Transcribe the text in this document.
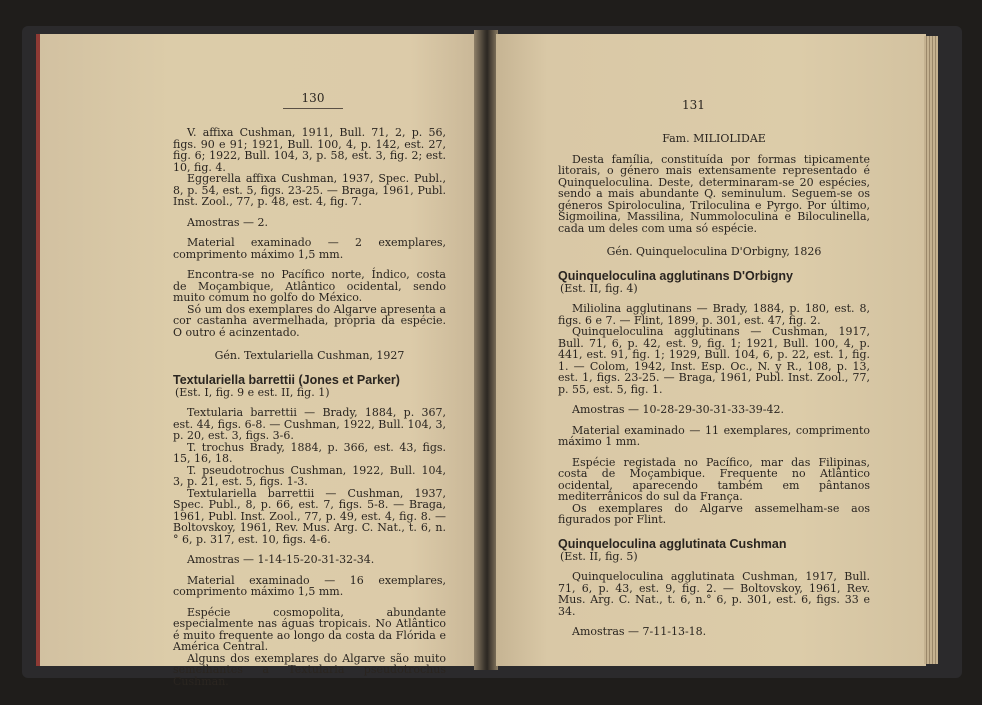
130

V. affixa Cushman, 1911, Bull. 71, 2, p. 56, figs. 90 e 91; 1921, Bull. 100, 4, p. 142, est. 27, fig. 6; 1922, Bull. 104, 3, p. 58, est. 3, fig. 2; est. 10, fig. 4.

Eggerella affixa Cushman, 1937, Spec. Publ., 8, p. 54, est. 5, figs. 23-25. — Braga, 1961, Publ. Inst. Zool., 77, p. 48, est. 4, fig. 7.

Amostras — 2.

Material examinado — 2 exemplares, comprimento máximo 1,5 mm.

Encontra-se no Pacífico norte, Índico, costa de Moçambique, Atlântico ocidental, sendo muito comum no golfo do México.

Só um dos exemplares do Algarve apresenta a cor castanha avermelhada, própria da espécie. O outro é acinzentado.

Gén. Textulariella Cushman, 1927

Textulariella barrettii (Jones et Parker)

(Est. I, fig. 9 e est. II, fig. 1)

Textularia barrettii — Brady, 1884, p. 367, est. 44, figs. 6-8. — Cushman, 1922, Bull. 104, 3, p. 20, est. 3, figs. 3-6.

T. trochus Brady, 1884, p. 366, est. 43, figs. 15, 16, 18.

T. pseudotrochus Cushman, 1922, Bull. 104, 3, p. 21, est. 5, figs. 1-3.

Textulariella barrettii — Cushman, 1937, Spec. Publ., 8, p. 66, est. 7, figs. 5-8. — Braga, 1961, Publ. Inst. Zool., 77, p. 49, est. 4, fig. 8. — Boltovskoy, 1961, Rev. Mus. Arg. C. Nat., t. 6, n.° 6, p. 317, est. 10, figs. 4-6.

Amostras — 1-14-15-20-31-32-34.

Material examinado — 16 exemplares, comprimento máximo 1,5 mm.

Espécie cosmopolita, abundante especialmente nas águas tropicais. No Atlântico é muito frequente ao longo da costa da Flórida e América Central.

Alguns dos exemplares do Algarve são muito semelhantes a Textularia pseudotrochus Cushman.

131

Fam. MILIOLIDAE

Desta família, constituída por formas tipicamente litorais, o género mais extensamente representado é Quinqueloculina. Deste, determinaram-se 20 espécies, sendo a mais abundante Q. seminulum. Seguem-se os géneros Spiroloculina, Triloculina e Pyrgo. Por último, Sigmoilina, Massilina, Nummoloculina e Biloculinella, cada um deles com uma só espécie.

Gén. Quinqueloculina D'Orbigny, 1826

Quinqueloculina agglutinans D'Orbigny

(Est. II, fig. 4)

Miliolina agglutinans — Brady, 1884, p. 180, est. 8, figs. 6 e 7. — Flint, 1899, p. 301, est. 47, fig. 2.

Quinqueloculina agglutinans — Cushman, 1917, Bull. 71, 6, p. 42, est. 9, fig. 1; 1921, Bull. 100, 4, p. 441, est. 91, fig. 1; 1929, Bull. 104, 6, p. 22, est. 1, fig. 1. — Colom, 1942, Inst. Esp. Oc., N. y R., 108, p. 13, est. 1, figs. 23-25. — Braga, 1961, Publ. Inst. Zool., 77, p. 55, est. 5, fig. 1.

Amostras — 10-28-29-30-31-33-39-42.

Material examinado — 11 exemplares, comprimento máximo 1 mm.

Espécie registada no Pacífico, mar das Filipinas, costa de Moçambique. Frequente no Atlântico ocidental, aparecendo também em pântanos mediterrânicos do sul da França.

Os exemplares do Algarve assemelham-se aos figurados por Flint.

Quinqueloculina agglutinata Cushman

(Est. II, fig. 5)

Quinqueloculina agglutinata Cushman, 1917, Bull. 71, 6, p. 43, est. 9, fig. 2. — Boltovskoy, 1961, Rev. Mus. Arg. C. Nat., t. 6, n.° 6, p. 301, est. 6, figs. 33 e 34.

Amostras — 7-11-13-18.
